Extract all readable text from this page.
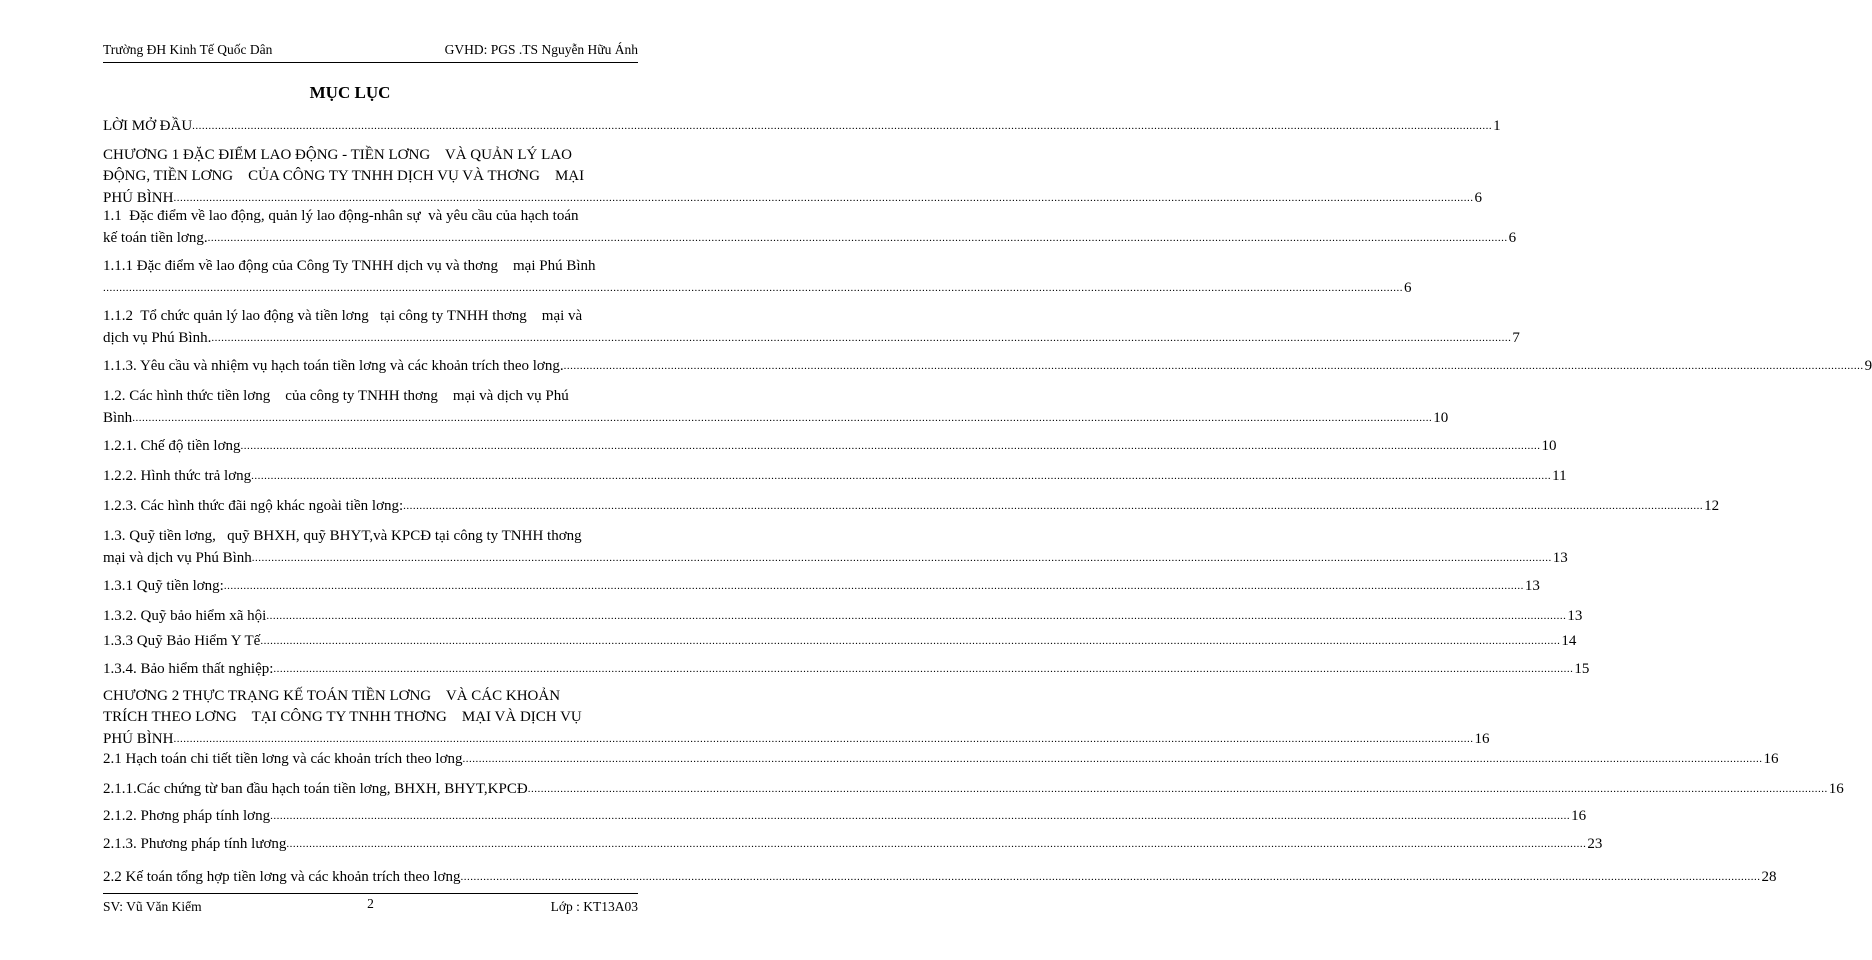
Trường ĐH Kinh Tế Quốc Dân	GVHD: PGS .TS Nguyễn Hữu Ánh
MỤC LỤC
LỜI MỞ ĐẦU ................................................................................................................................................................................................................................................................................................................................................................................................................ 1
CHƯƠNG 1 ĐẶC ĐIỂM LAO ĐỘNG - TIỀN LƠNG    VÀ QUẢN LÝ LAO
ĐỘNG, TIỀN LƠNG    CỦA CÔNG TY TNHH DỊCH VỤ VÀ THƠNG    MẠI
PHÚ BÌNH ................................................................................................................................................................................................................................................................................................................................................................................................................ 6
1.1  Đặc điểm về lao động, quản lý lao động-nhân sự  và yêu cầu của hạch toán
kế toán tiền lơng. ................................................................................................................................................................................................................................................................................................................................................................................................................ 6
1.1.1 Đặc điểm về lao động của Công Ty TNHH dịch vụ và thơng    mại Phú Bình
................................................................................................................................................................................................................................................................................................................................................................................................................ 6
1.1.2  Tổ chức quản lý lao động và tiền lơng   tại công ty TNHH thơng    mại và
dịch vụ Phú Bình. ................................................................................................................................................................................................................................................................................................................................................................................................................ 7
1.1.3. Yêu cầu và nhiệm vụ hạch toán tiền lơng và các khoản trích theo lơng. ................................................................................................................................................................................................................................................................................................................................................................................................................ 9
1.2. Các hình thức tiền lơng    của công ty TNHH thơng    mại và dịch vụ Phú
Bình ................................................................................................................................................................................................................................................................................................................................................................................................................ 10
1.2.1. Chế độ tiền lơng ................................................................................................................................................................................................................................................................................................................................................................................................................ 10
1.2.2. Hình thức trả lơng ................................................................................................................................................................................................................................................................................................................................................................................................................ 11
1.2.3. Các hình thức đãi ngộ khác ngoài tiền lơng: ................................................................................................................................................................................................................................................................................................................................................................................................................ 12
1.3. Quỹ tiền lơng,   quỹ BHXH, quỹ BHYT,và KPCĐ tại công ty TNHH thơng
mại và dịch vụ Phú Bình ................................................................................................................................................................................................................................................................................................................................................................................................................ 13
1.3.1 Quỹ tiền lơng: ................................................................................................................................................................................................................................................................................................................................................................................................................ 13
1.3.2. Quỹ bảo hiểm xã hội ................................................................................................................................................................................................................................................................................................................................................................................................................ 13
1.3.3 Quỹ Bảo Hiểm Y Tế ................................................................................................................................................................................................................................................................................................................................................................................................................ 14
1.3.4. Bảo hiểm thất nghiệp: ................................................................................................................................................................................................................................................................................................................................................................................................................ 15
CHƯƠNG 2 THỰC TRẠNG KẾ TOÁN TIỀN LƠNG    VÀ CÁC KHOẢN
TRÍCH THEO LƠNG    TẠI CÔNG TY TNHH THƠNG    MẠI VÀ DỊCH VỤ
PHÚ BÌNH ................................................................................................................................................................................................................................................................................................................................................................................................................ 16
2.1 Hạch toán chi tiết tiền lơng và các khoản trích theo lơng ................................................................................................................................................................................................................................................................................................................................................................................................................ 16
2.1.1.Các chứng từ ban đầu hạch toán tiền lơng, BHXH, BHYT,KPCĐ ................................................................................................................................................................................................................................................................................................................................................................................................................ 16
2.1.2. Phơng pháp tính lơng ................................................................................................................................................................................................................................................................................................................................................................................................................ 16
2.1.3. Phương pháp tính lương ................................................................................................................................................................................................................................................................................................................................................................................................................ 23
2.2 Kế toán tổng hợp tiền lơng và các khoản trích theo lơng ................................................................................................................................................................................................................................................................................................................................................................................................................ 28
SV: Vũ Văn Kiểm	2	Lớp : KT13A03
